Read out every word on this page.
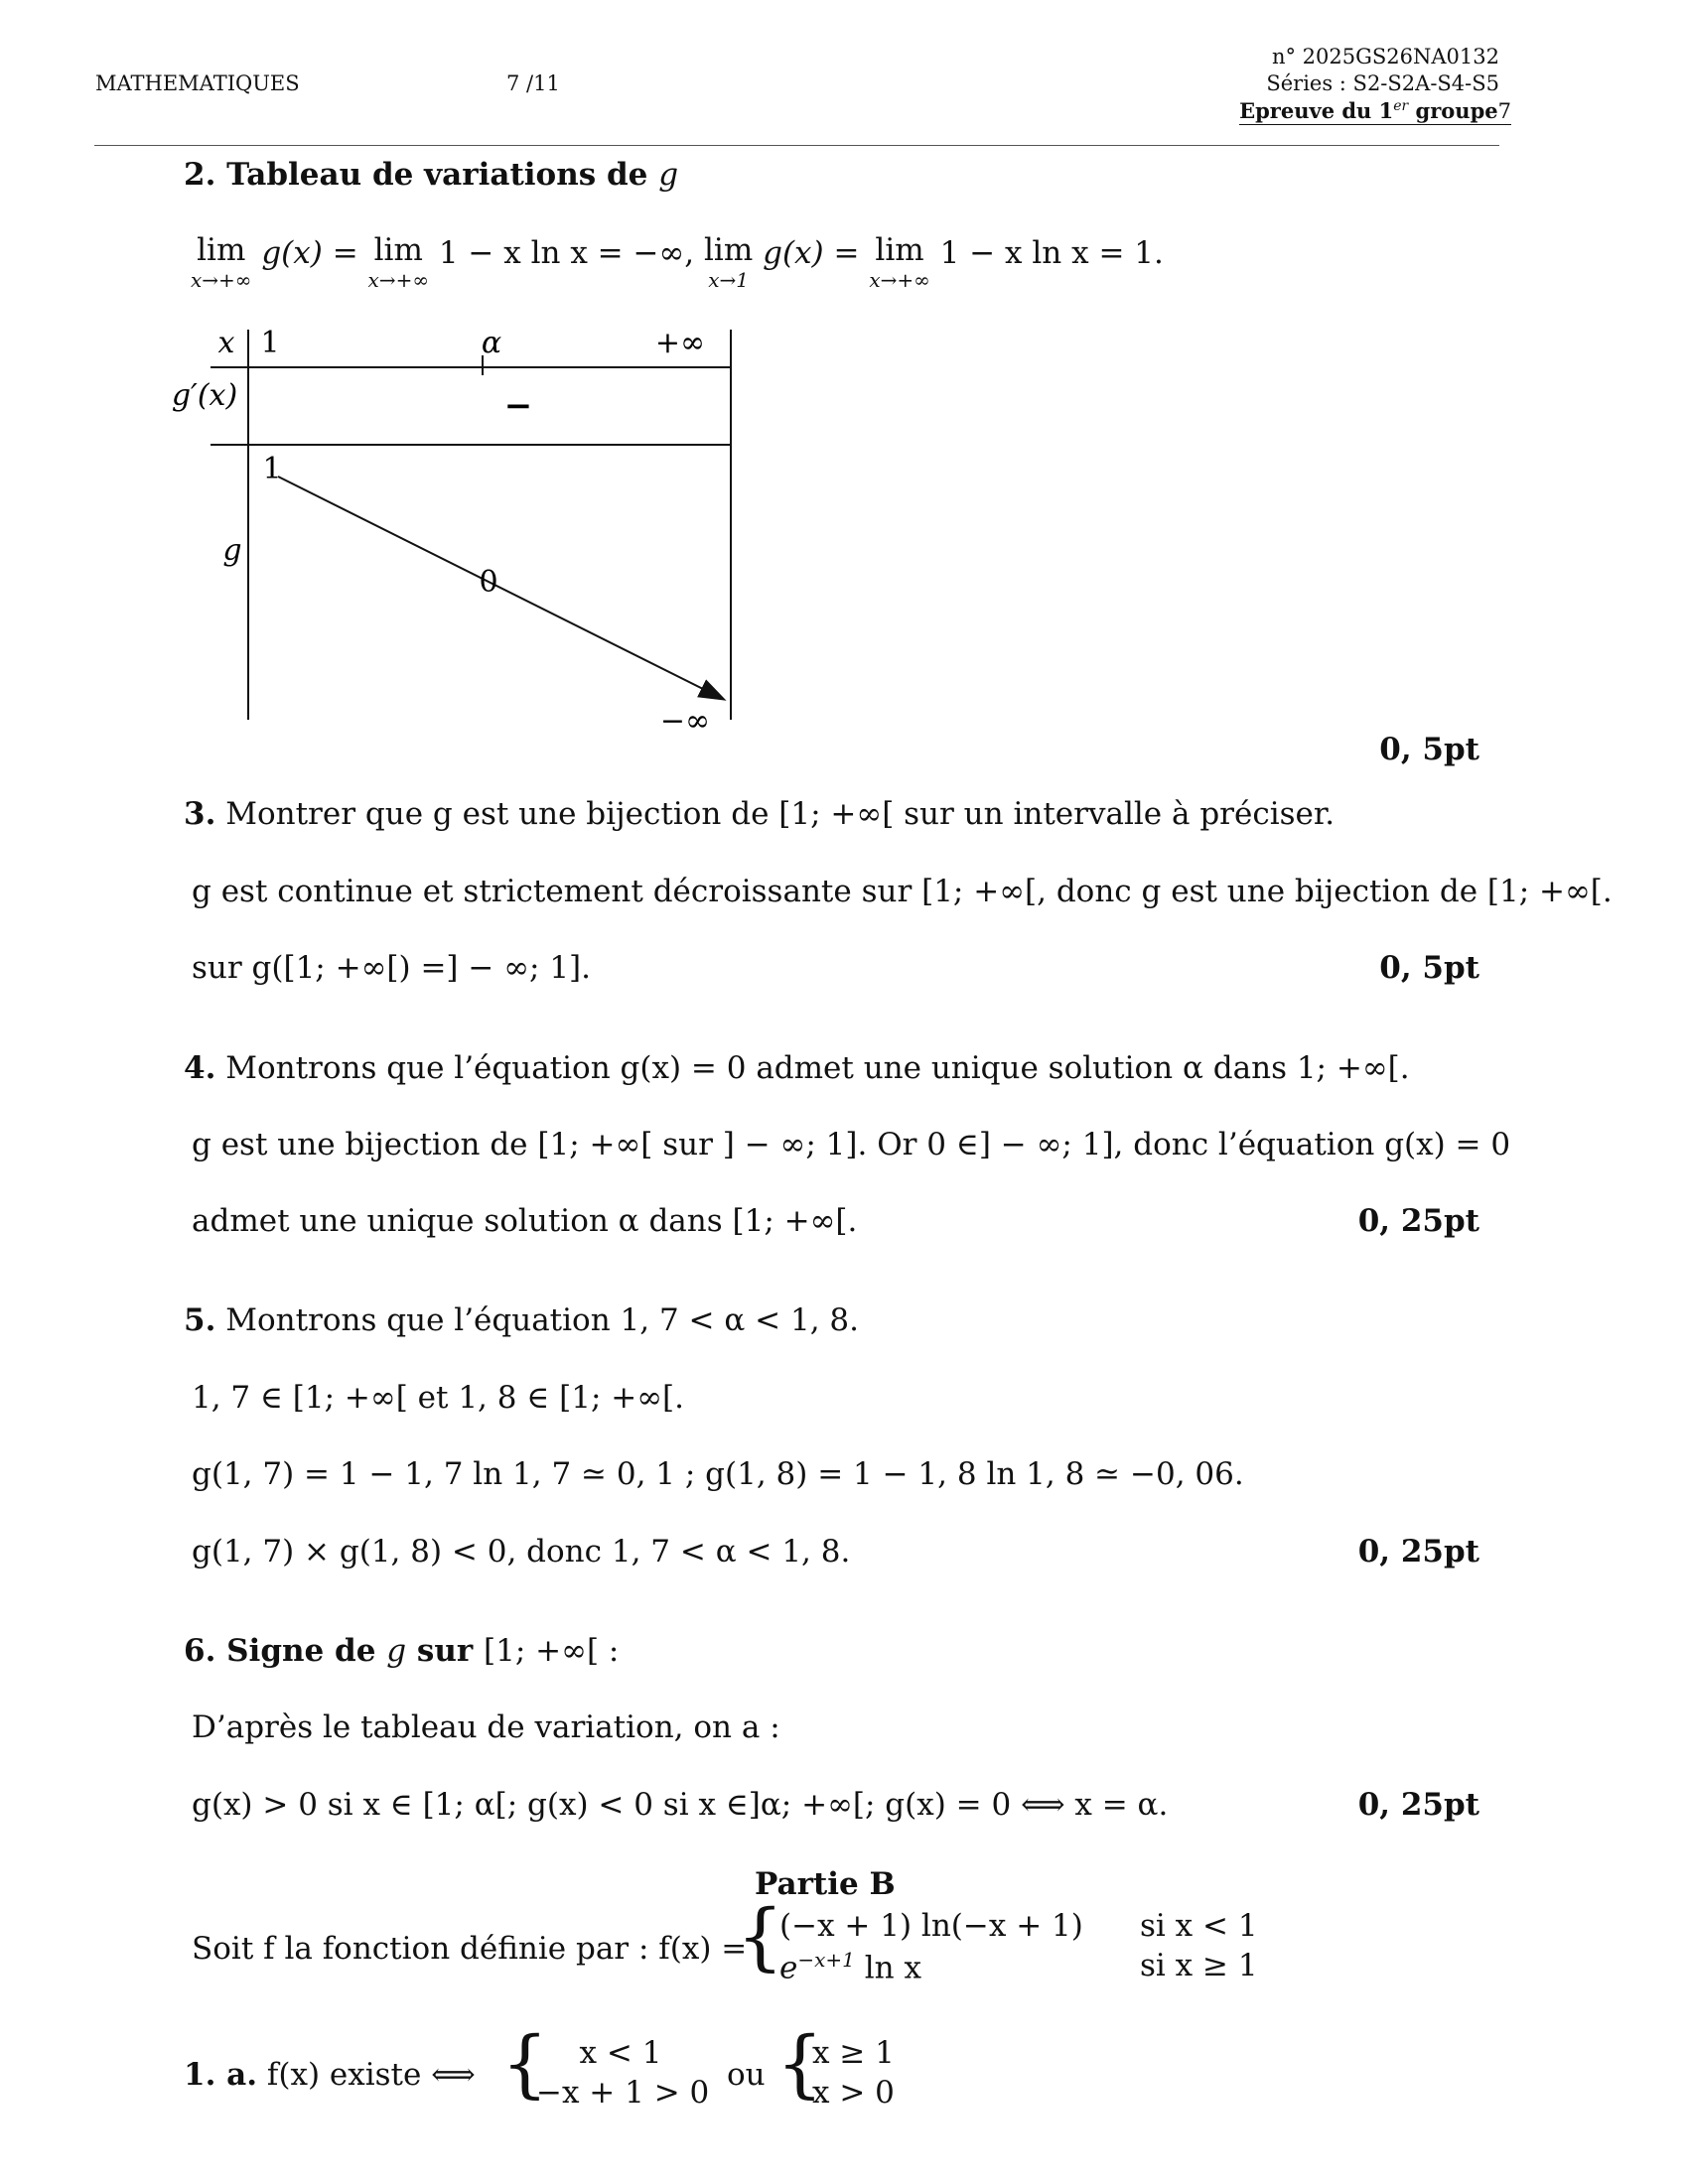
MATHEMATIQUES	7 /11
n° 2025GS26NA0132
Séries : S2-S2A-S4-S5
Epreuve du 1er groupe7
2. Tableau de variations de g
lim
x→+∞
g(x) = lim
x→+∞
1 − x ln x = −∞, lim
x→1
g(x) = lim
x→+∞
1 − x ln x = 1.
x 1	α	+∞
g′(x)	−
g
1
0
−∞
0, 5pt
3. Montrer que g est une bijection de [1; +∞[ sur un intervalle à préciser.
g est continue et strictement décroissante sur [1; +∞[, donc g est une bijection de [1; +∞[.
sur g([1; +∞[) =] − ∞; 1].	0, 5pt
4. Montrons que l’équation g(x) = 0 admet une unique solution α dans 1; +∞[.
g est une bijection de [1; +∞[ sur ] − ∞; 1]. Or 0 ∈] − ∞; 1], donc l’équation g(x) = 0
admet une unique solution α dans [1; +∞[.	0, 25pt
5. Montrons que l’équation 1, 7 < α < 1, 8.
1, 7 ∈ [1; +∞[ et 1, 8 ∈ [1; +∞[.
g(1, 7) = 1 − 1, 7 ln 1, 7 ≃ 0, 1 ; g(1, 8) = 1 − 1, 8 ln 1, 8 ≃ −0, 06.
g(1, 7) × g(1, 8) < 0, donc 1, 7 < α < 1, 8.	0, 25pt
6. Signe de g sur [1; +∞[ :
D’après le tableau de variation, on a :
g(x) > 0 si x ∈ [1; α[; g(x) < 0 si x ∈]α; +∞[; g(x) = 0 ⟺ x = α.	0, 25pt
Partie B
Soit f la fonction définie par : f(x) =
{
(−x + 1) ln(−x + 1) si x < 1
$e^{-x+1}$ ln x	si x ≥ 1
1. a. f(x) existe ⟺ {	x < 1
−x + 1 > 0 ou {
x ≥ 1
x > 0
